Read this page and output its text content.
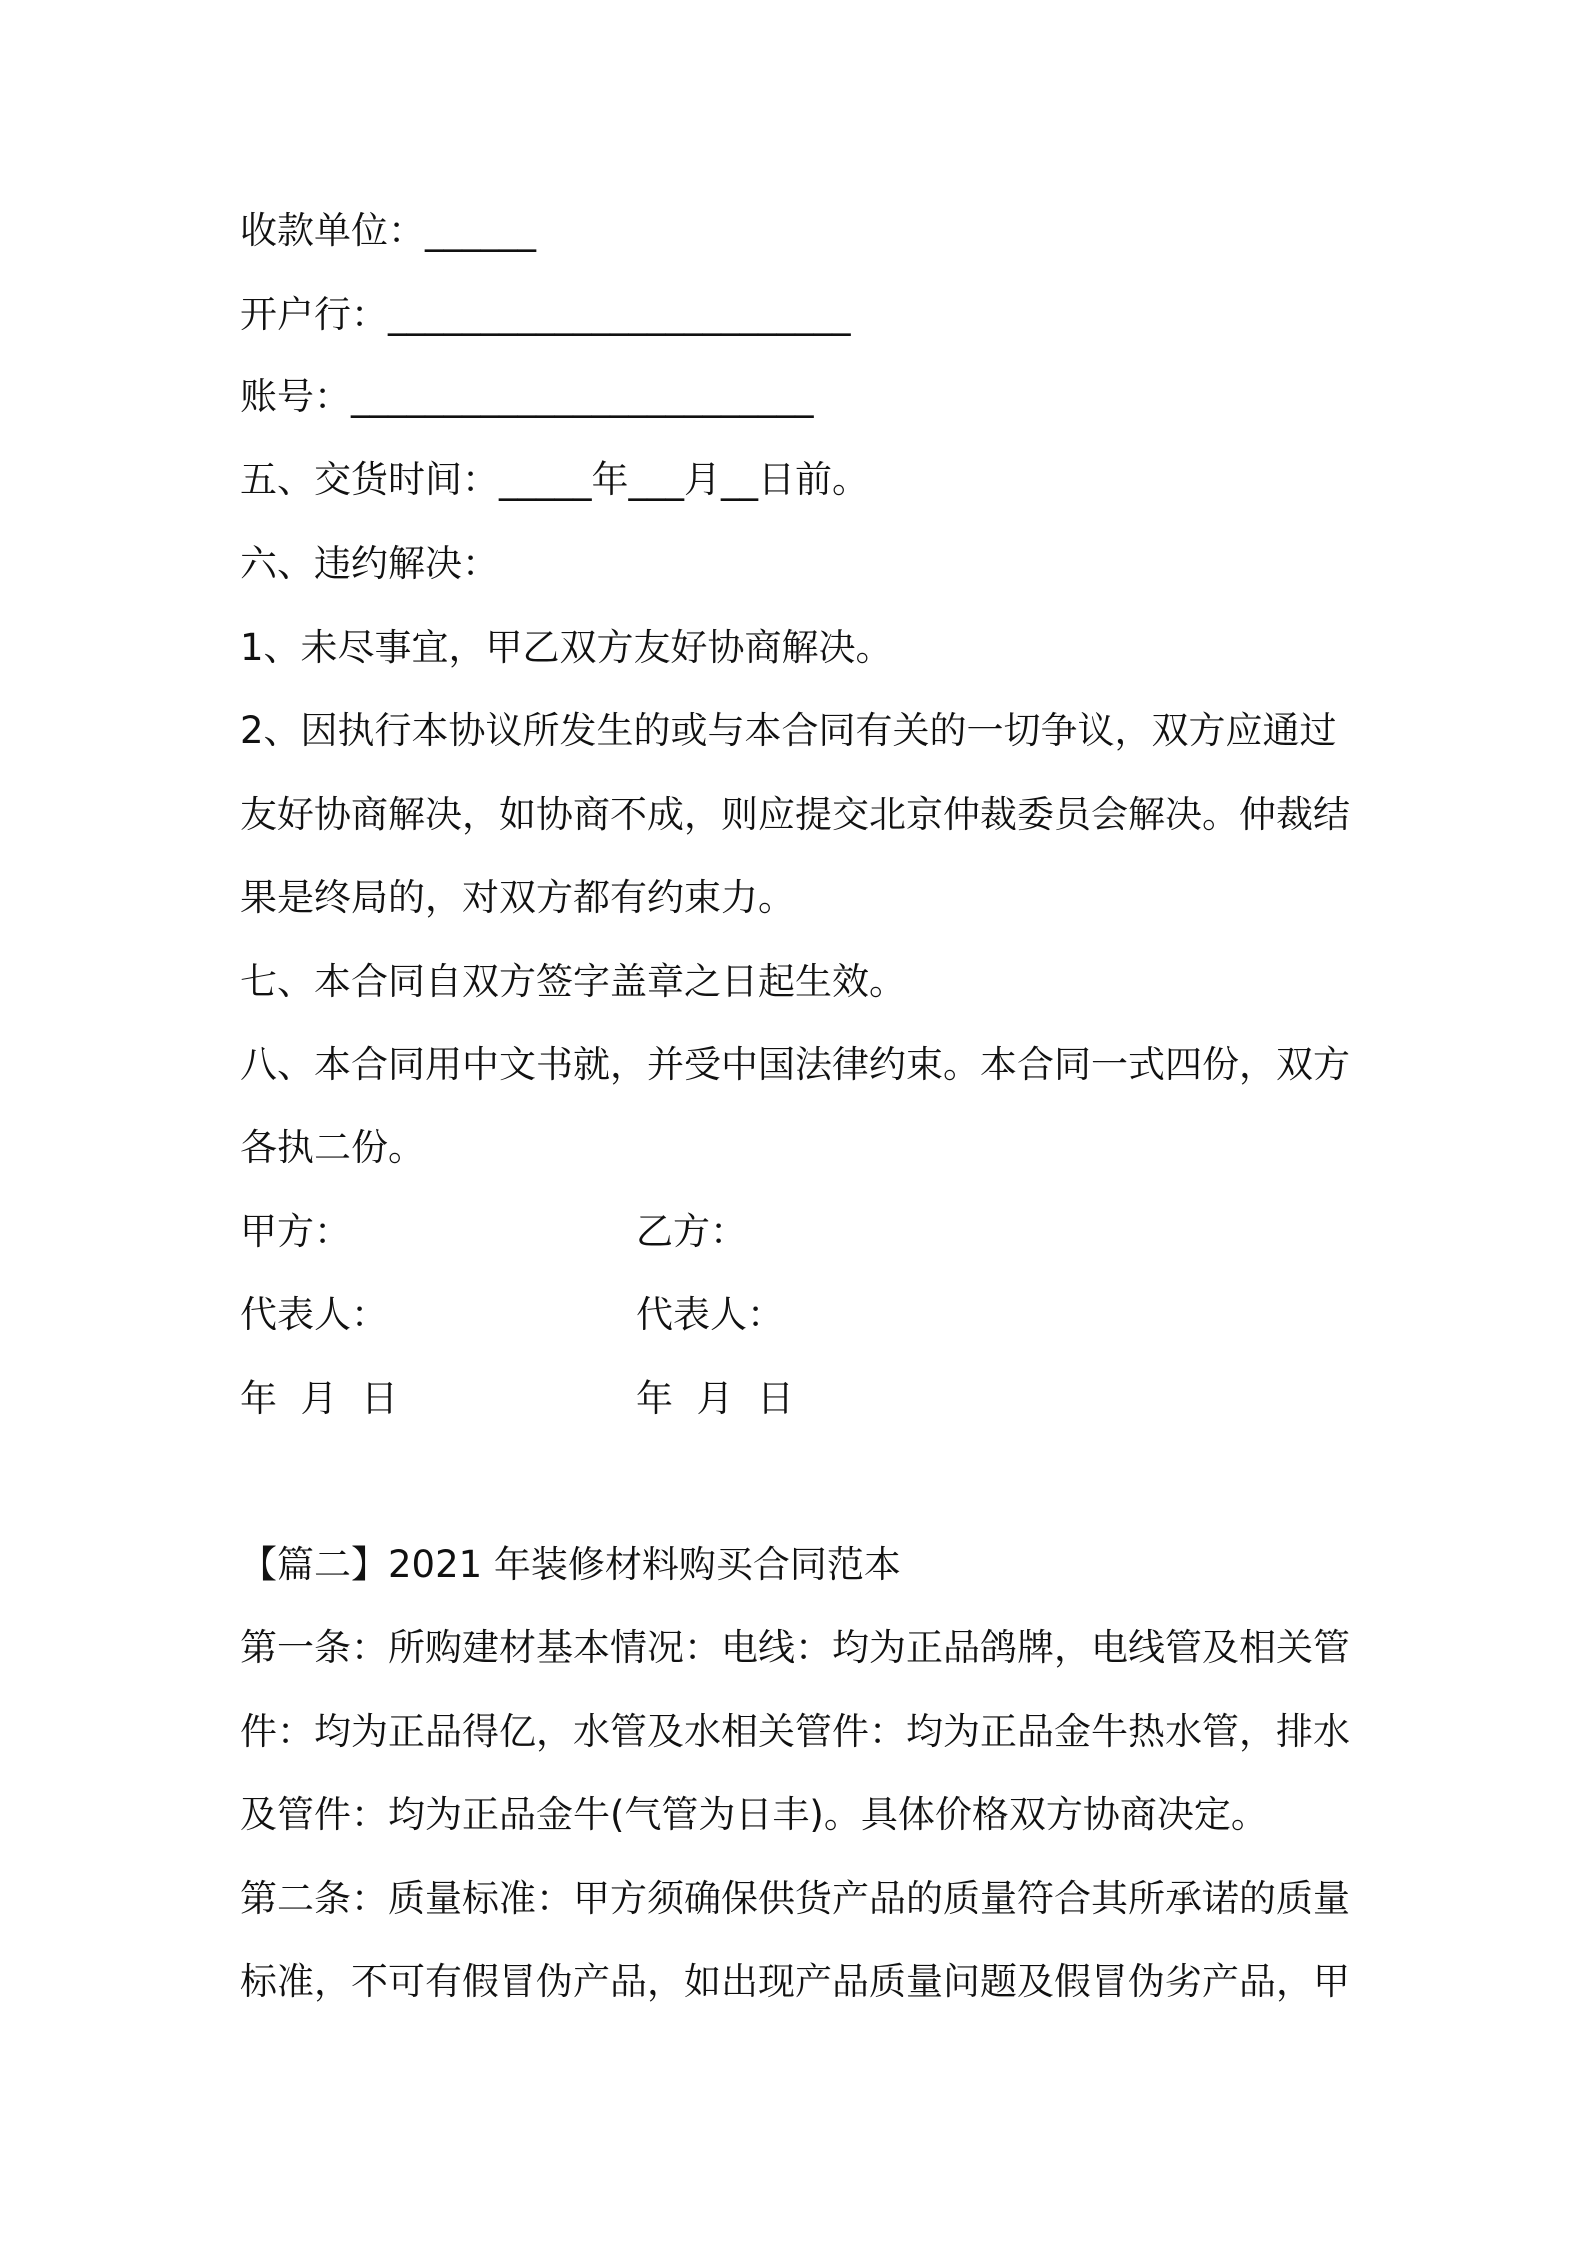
收款单位：______
开户行：_________________________
账号：_________________________
五、交货时间：_____年___月__日前。
六、违约解决：
1、未尽事宜，甲乙双方友好协商解决。
2、因执行本协议所发生的或与本合同有关的一切争议，双方应通过
友好协商解决，如协商不成，则应提交北京仲裁委员会解决。仲裁结
果是终局的，对双方都有约束力。
七、本合同自双方签字盖章之日起生效。
八、本合同用中文书就，并受中国法律约束。本合同一式四份，双方
各执二份。
甲方：	乙方：
代表人：	代表人：
年  月  日	年  月  日
【篇二】2021 年装修材料购买合同范本
第一条：所购建材基本情况：电线：均为正品鸽牌，电线管及相关管
件：均为正品得亿，水管及水相关管件：均为正品金牛热水管，排水
及管件：均为正品金牛(气管为日丰)。具体价格双方协商决定。
第二条：质量标准：甲方须确保供货产品的质量符合其所承诺的质量
标准，不可有假冒伪产品，如出现产品质量问题及假冒伪劣产品，甲
